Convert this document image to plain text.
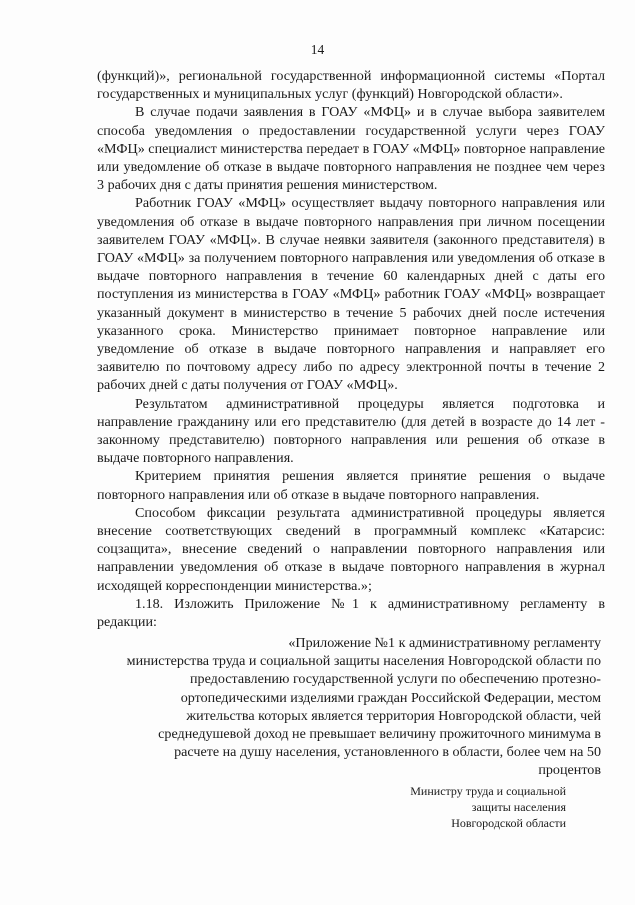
14

(функций)», региональной государственной информационной системы «Портал государственных и муниципальных услуг (функций) Новгородской области».

В случае подачи заявления в ГОАУ «МФЦ» и в случае выбора заявителем способа уведомления о предоставлении государственной услуги через ГОАУ «МФЦ» специалист министерства передает в ГОАУ «МФЦ» повторное направление или уведомление об отказе в выдаче повторного направления не позднее чем через 3 рабочих дня с даты принятия решения министерством.

Работник ГОАУ «МФЦ» осуществляет выдачу повторного направления или уведомления об отказе в выдаче повторного направления при личном посещении заявителем ГОАУ «МФЦ». В случае неявки заявителя (законного представителя) в ГОАУ «МФЦ» за получением повторного направления или уведомления об отказе в выдаче повторного направления в течение 60 календарных дней с даты его поступления из министерства в ГОАУ «МФЦ» работник ГОАУ «МФЦ» возвращает указанный документ в министерство в течение 5 рабочих дней после истечения указанного срока. Министерство принимает повторное направление или уведомление об отказе в выдаче повторного направления и направляет его заявителю по почтовому адресу либо по адресу электронной почты в течение 2 рабочих дней с даты получения от ГОАУ «МФЦ».

Результатом административной процедуры является подготовка и направление гражданину или его представителю (для детей в возрасте до 14 лет - законному представителю) повторного направления или решения об отказе в выдаче повторного направления.

Критерием принятия решения является принятие решения о выдаче повторного направления или об отказе в выдаче повторного направления.

Способом фиксации результата административной процедуры является внесение соответствующих сведений в программный комплекс «Катарсис: соцзащита», внесение сведений о направлении повторного направления или направлении уведомления об отказе в выдаче повторного направления в журнал исходящей корреспонденции министерства.»;

1.18. Изложить Приложение №1 к административному регламенту в редакции:

«Приложение №1 к административному регламенту

министерства труда и социальной защиты населения Новгородской области по

предоставлению государственной услуги по обеспечению протезно-

ортопедическими изделиями граждан Российской Федерации, местом

жительства которых является территория Новгородской области, чей

среднедушевой доход не превышает величину прожиточного минимума в

расчете на душу населения, установленного в области, более чем на 50

процентов

Министру труда и социальной
защиты населения
Новгородской области
